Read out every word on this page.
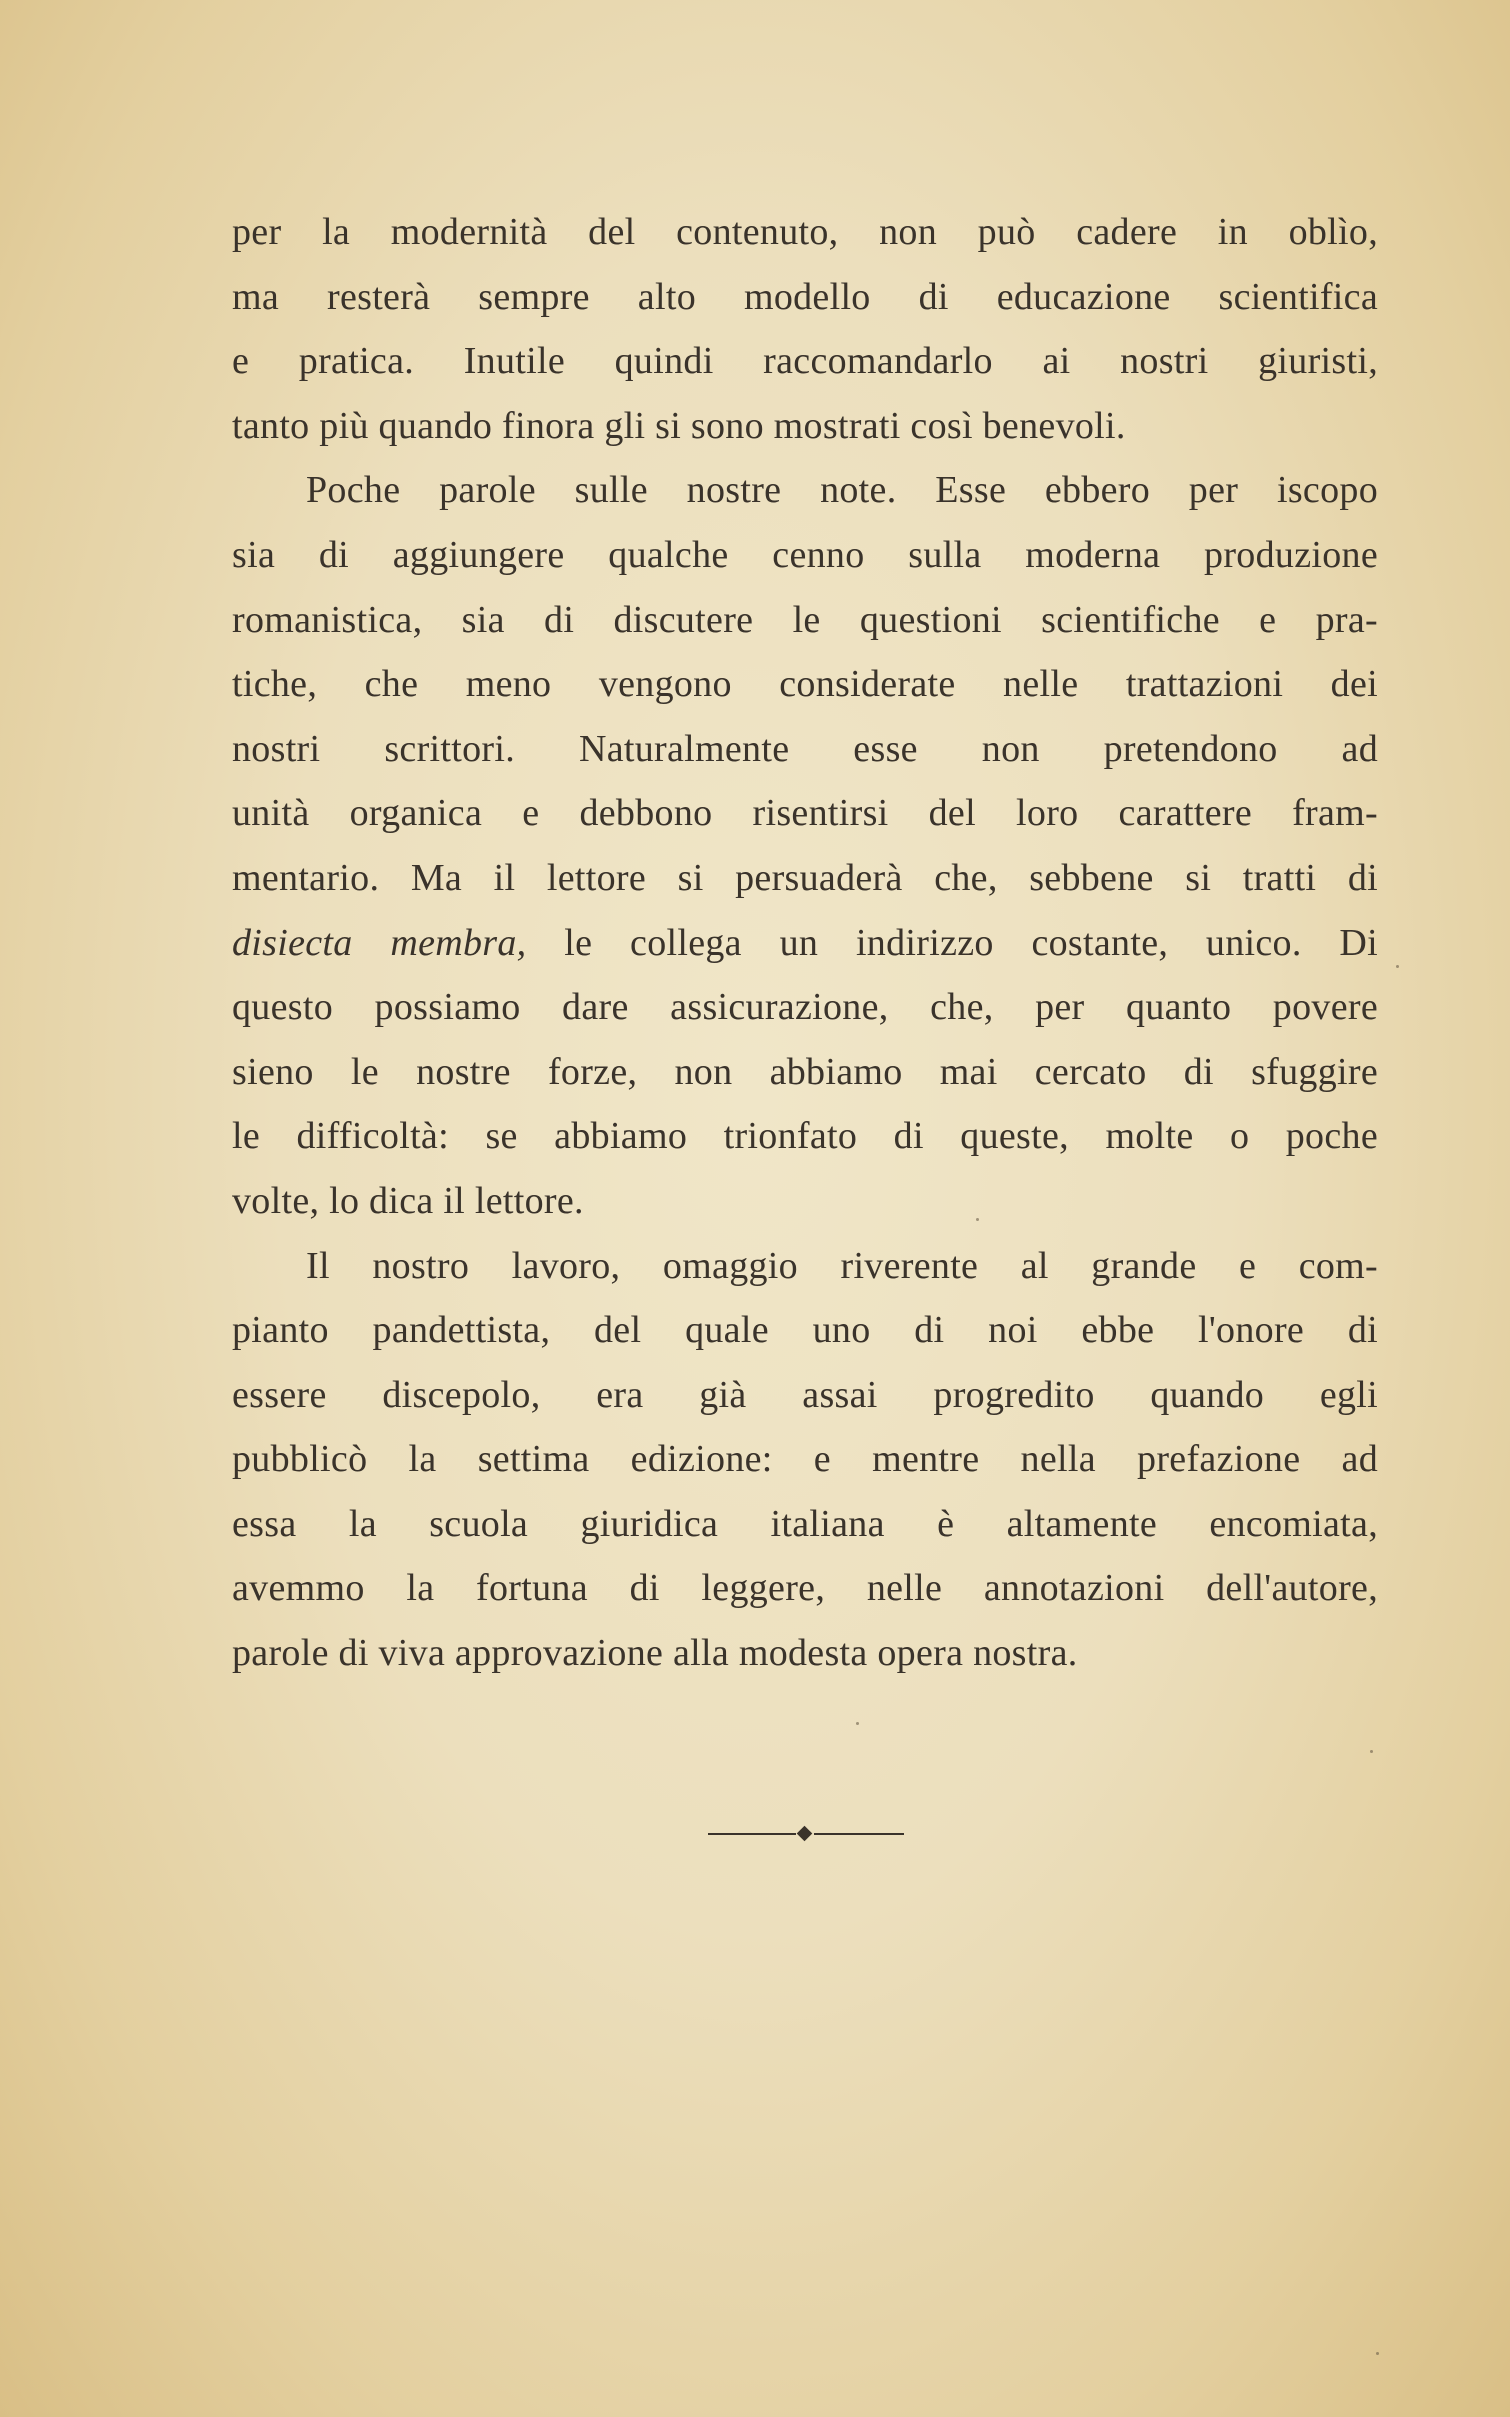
per la modernità del contenuto, non può cadere in oblìo,
ma resterà sempre alto modello di educazione scientifica
e pratica. Inutile quindi raccomandarlo ai nostri giuristi,
tanto più quando finora gli si sono mostrati così benevoli.
Poche parole sulle nostre note. Esse ebbero per iscopo
sia di aggiungere qualche cenno sulla moderna produzione
romanistica, sia di discutere le questioni scientifiche e pra-
tiche, che meno vengono considerate nelle trattazioni dei
nostri scrittori. Naturalmente esse non pretendono ad
unità organica e debbono risentirsi del loro carattere fram-
mentario. Ma il lettore si persuaderà che, sebbene si tratti di
disiecta membra, le collega un indirizzo costante, unico. Di
questo possiamo dare assicurazione, che, per quanto povere
sieno le nostre forze, non abbiamo mai cercato di sfuggire
le difficoltà: se abbiamo trionfato di queste, molte o poche
volte, lo dica il lettore.
Il nostro lavoro, omaggio riverente al grande e com-
pianto pandettista, del quale uno di noi ebbe l'onore di
essere discepolo, era già assai progredito quando egli
pubblicò la settima edizione: e mentre nella prefazione ad
essa la scuola giuridica italiana è altamente encomiata,
avemmo la fortuna di leggere, nelle annotazioni dell'autore,
parole di viva approvazione alla modesta opera nostra.
